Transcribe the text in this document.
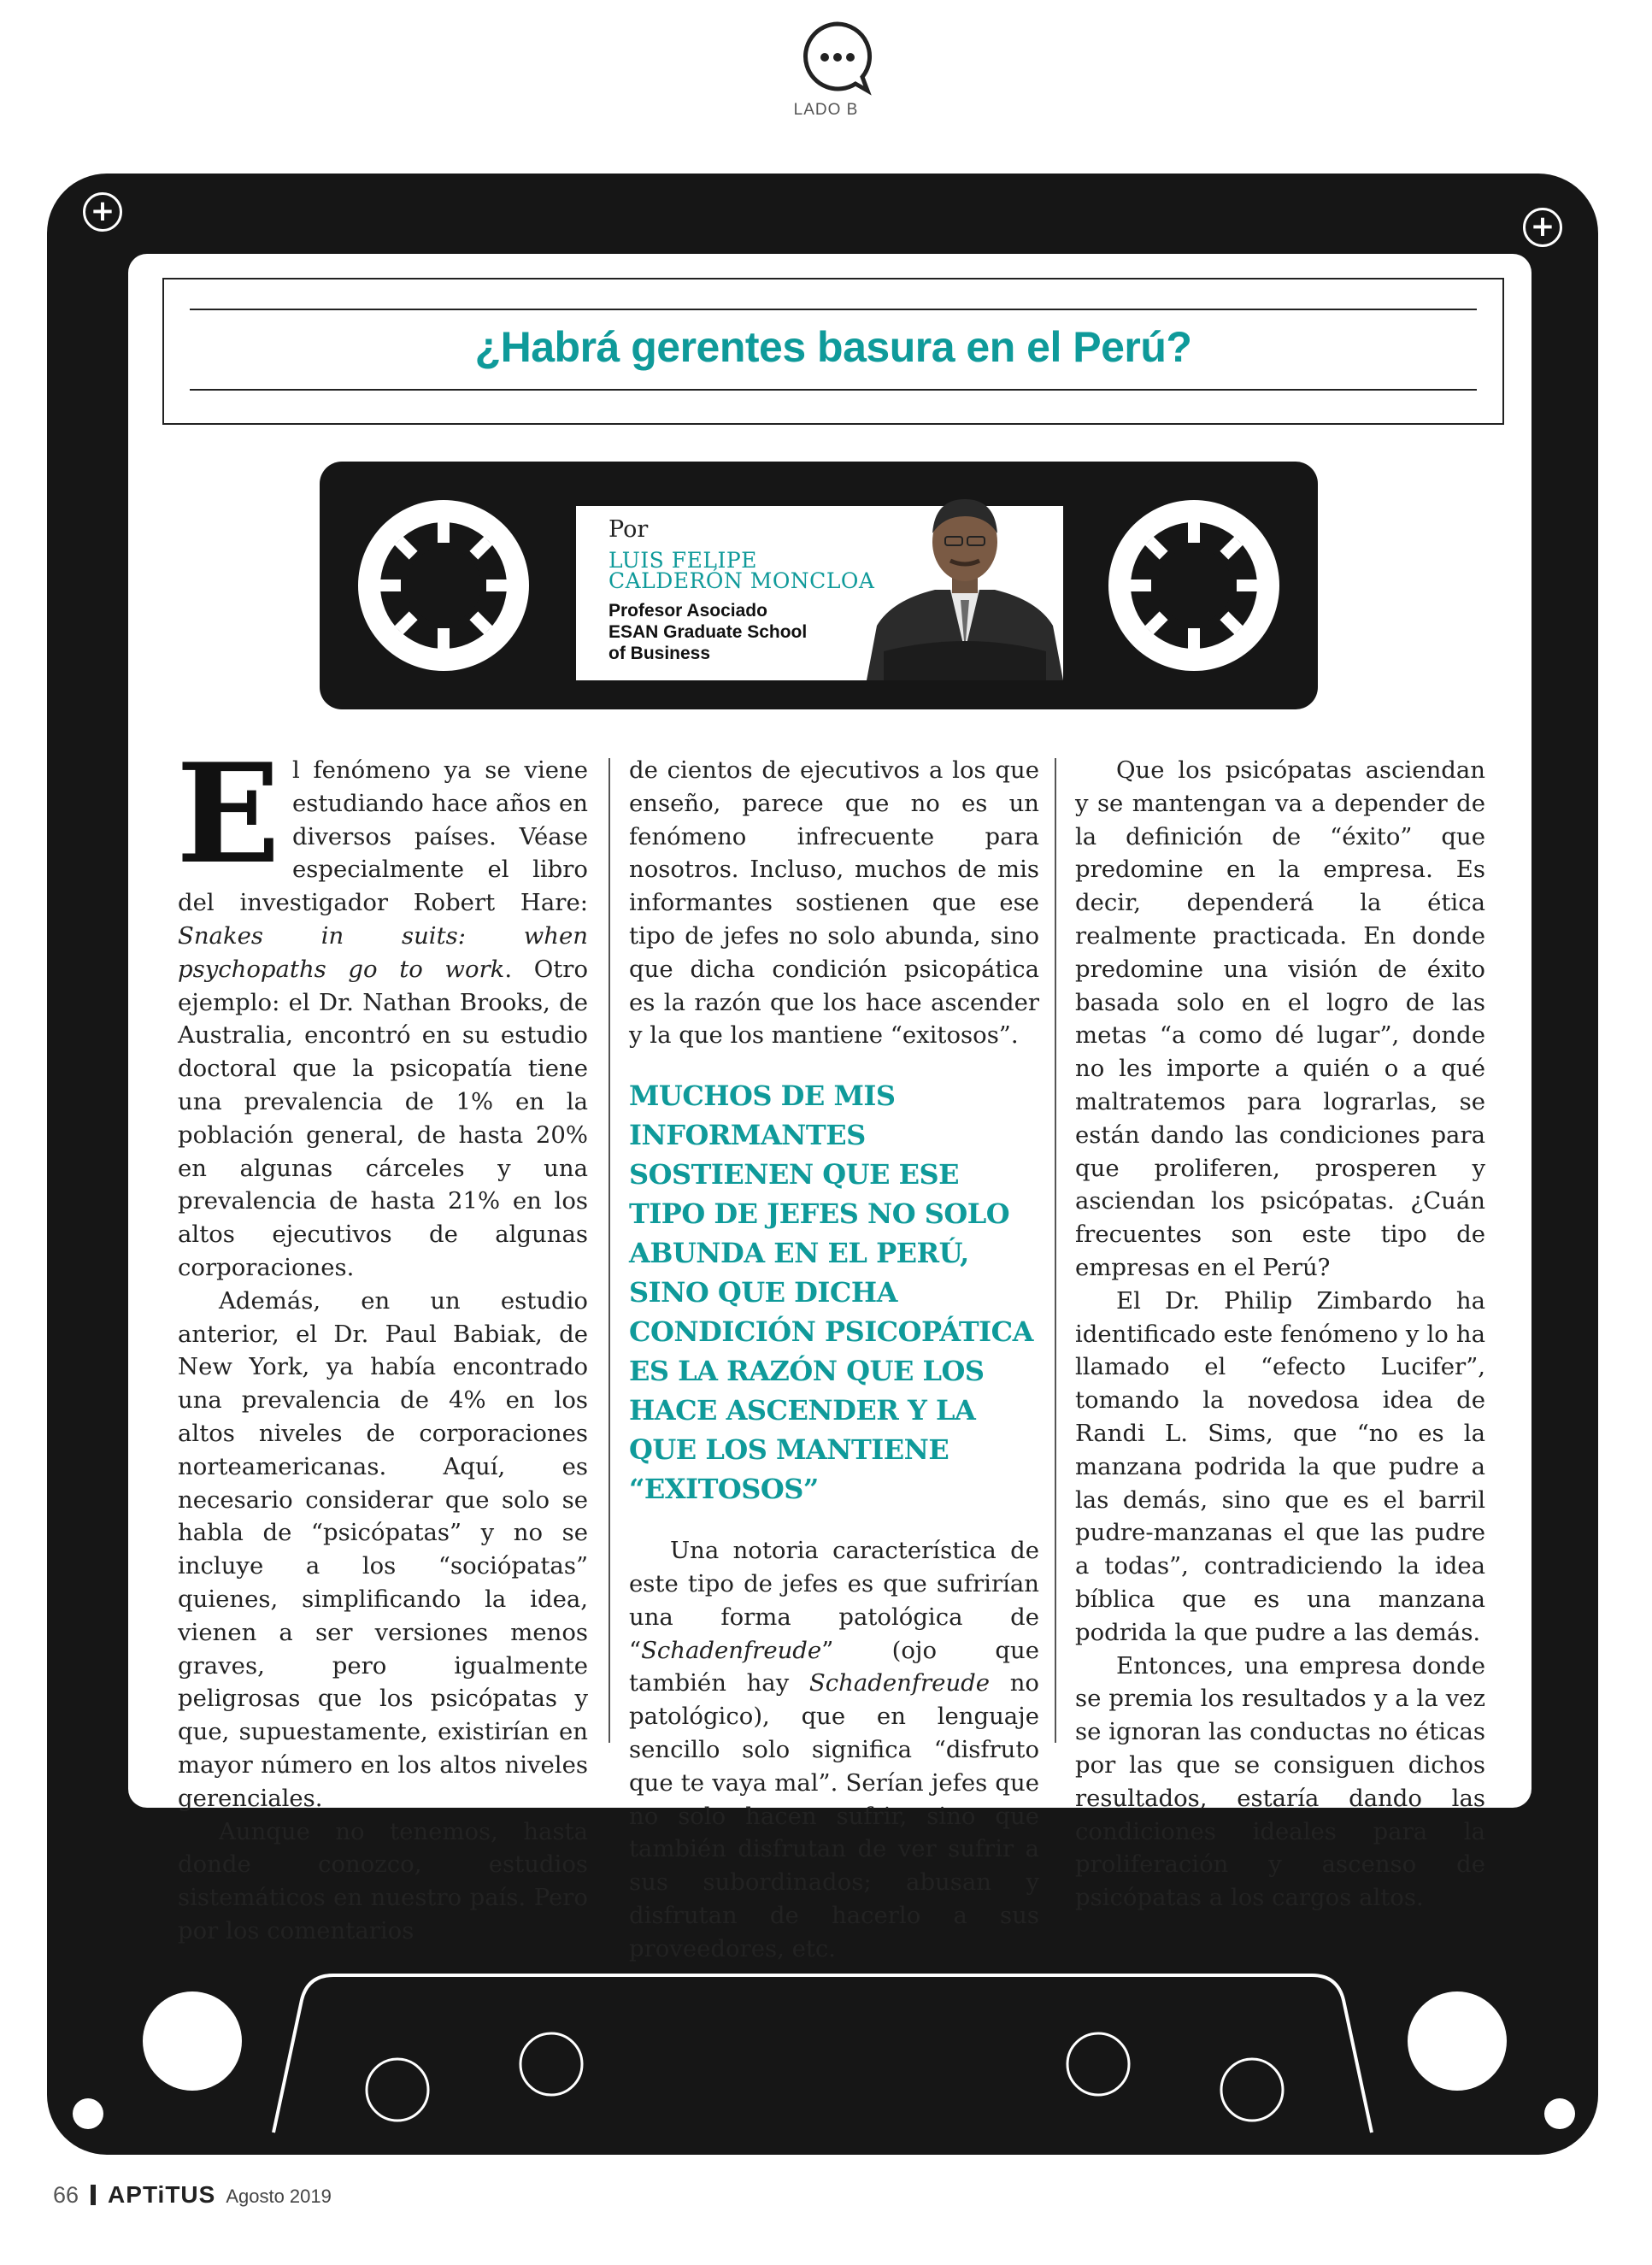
LADO B
+	+
¿Habrá gerentes basura en el Perú?
Por
LUIS FELIPE
CALDERÓN MONCLOA
Profesor Asociado
ESAN Graduate School
of Business

El fenómeno ya se viene estudiando hace años en diversos países. Véase especialmente el libro del investigador Robert Hare: Snakes in suits: when psychopaths go to work. Otro ejemplo: el Dr. Nathan Brooks, de Australia, encontró en su estudio doctoral que la psicopatía tiene una prevalencia de 1% en la población general, de hasta 20% en algunas cárceles y una prevalencia de hasta 21% en los altos ejecutivos de algunas corporaciones.

Además, en un estudio anterior, el Dr. Paul Babiak, de New York, ya había encontrado una prevalencia de 4% en los altos niveles de corporaciones norteamericanas. Aquí, es necesario considerar que solo se habla de “psicópatas” y no se incluye a los “sociópatas” quienes, simplificando la idea, vienen a ser versiones menos graves, pero igualmente peligrosas que los psicópatas y que, supuestamente, existirían en mayor número en los altos niveles gerenciales.

Aunque no tenemos, hasta donde conozco, estudios sistemáticos en nuestro país. Pero por los comentarios

de cientos de ejecutivos a los que enseño, parece que no es un fenómeno infrecuente para nosotros. Incluso, muchos de mis informantes sostienen que ese tipo de jefes no solo abunda, sino que dicha condición psicopática es la razón que los hace ascender y la que los mantiene “exitosos”.

MUCHOS DE MIS INFORMANTES SOSTIENEN QUE ESE TIPO DE JEFES NO SOLO ABUNDA EN EL PERÚ, SINO QUE DICHA CONDICIÓN PSICOPÁTICA ES LA RAZÓN QUE LOS HACE ASCENDER Y LA QUE LOS MANTIENE “EXITOSOS”

Una notoria característica de este tipo de jefes es que sufrirían una forma patológica de “Schadenfreude” (ojo que también hay Schadenfreude no patológico), que en lenguaje sencillo solo significa “disfruto que te vaya mal”. Serían jefes que no solo hacen sufrir, sino que también disfrutan de ver sufrir a sus subordinados; abusan y disfrutan de hacerlo a sus proveedores, etc.

Que los psicópatas asciendan y se mantengan va a depender de la definición de “éxito” que predomine en la empresa. Es decir, dependerá la ética realmente practicada. En donde predomine una visión de éxito basada solo en el logro de las metas “a como dé lugar”, donde no les importe a quién o a qué maltratemos para lograrlas, se están dando las condiciones para que proliferen, prosperen y asciendan los psicópatas. ¿Cuán frecuentes son este tipo de empresas en el Perú?

El Dr. Philip Zimbardo ha identificado este fenómeno y lo ha llamado el “efecto Lucifer”, tomando la novedosa idea de Randi L. Sims, que “no es la manzana podrida la que pudre a las demás, sino que es el barril pudre-manzanas el que las pudre a todas”, contradiciendo la idea bíblica que es una manzana podrida la que pudre a las demás.

Entonces, una empresa donde se premia los resultados y a la vez se ignoran las conductas no éticas por las que se consiguen dichos resultados, estaría dando las condiciones ideales para la proliferación y ascenso de psicópatas a los cargos altos.

66 APTiTUS Agosto 2019
